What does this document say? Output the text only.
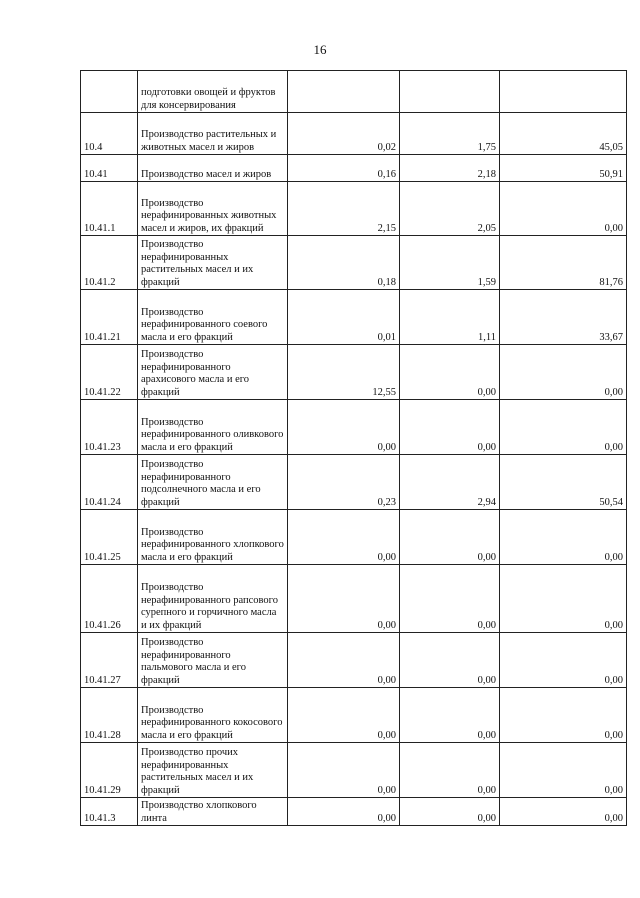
16
	подготовки овощей и фруктов для консервирования			
10.4	Производство растительных и животных масел и жиров	0,02	1,75	45,05
10.41	Производство масел и жиров	0,16	2,18	50,91
10.41.1	Производство нерафинированных животных масел и жиров, их фракций	2,15	2,05	0,00
10.41.2	Производство нерафинированных растительных масел и их фракций	0,18	1,59	81,76
10.41.21	Производство нерафинированного соевого масла и его фракций	0,01	1,11	33,67
10.41.22	Производство нерафинированного арахисового масла и его фракций	12,55	0,00	0,00
10.41.23	Производство нерафинированного оливкового масла и его фракций	0,00	0,00	0,00
10.41.24	Производство нерафинированного подсолнечного масла и его фракций	0,23	2,94	50,54
10.41.25	Производство нерафинированного хлопкового масла и его фракций	0,00	0,00	0,00
10.41.26	Производство нерафинированного рапсового сурепного и горчичного масла и их фракций	0,00	0,00	0,00
10.41.27	Производство нерафинированного пальмового масла и его фракций	0,00	0,00	0,00
10.41.28	Производство нерафинированного кокосового масла и его фракций	0,00	0,00	0,00
10.41.29	Производство прочих нерафинированных растительных масел и их фракций	0,00	0,00	0,00
10.41.3	Производство хлопкового линта	0,00	0,00	0,00
